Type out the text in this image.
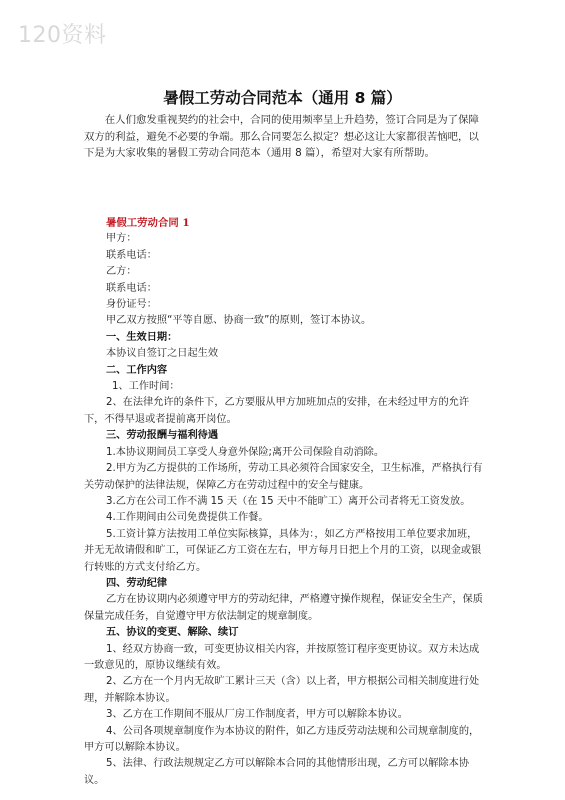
120资料
暑假工劳动合同范本（通用 8 篇）
在人们愈发重视契约的社会中，合同的使用频率呈上升趋势，签订合同是为了保障双方的利益，避免不必要的争端。那么合同要怎么拟定？想必这让大家都很苦恼吧，以下是为大家收集的暑假工劳动合同范本（通用 8 篇），希望对大家有所帮助。
暑假工劳动合同 1
甲方：
联系电话：
乙方：
联系电话：
身份证号：
甲乙双方按照“平等自愿、协商一致”的原则，签订本协议。
一、生效日期：
本协议自签订之日起生效
二、工作内容
1、工作时间：
2、在法律允许的条件下，乙方要服从甲方加班加点的安排，在未经过甲方的允许下，不得早退或者提前离开岗位。
三、劳动报酬与福利待遇
1.本协议期间员工享受人身意外保险;离开公司保险自动消除。
2.甲方为乙方提供的工作场所，劳动工具必须符合国家安全，卫生标准，严格执行有关劳动保护的法律法规，保障乙方在劳动过程中的安全与健康。
3.乙方在公司工作不满 15 天（在 15 天中不能旷工）离开公司者将无工资发放。
4.工作期间由公司免费提供工作餐。
5.工资计算方法按用工单位实际核算，具体为：，如乙方严格按用工单位要求加班，并无无故请假和旷工，可保证乙方工资在左右，甲方每月日把上个月的工资，以现金或银行转账的方式支付给乙方。
四、劳动纪律
乙方在协议期内必须遵守甲方的劳动纪律，严格遵守操作规程，保证安全生产，保质保量完成任务，自觉遵守甲方依法制定的规章制度。
五、协议的变更、解除、续订
1、经双方协商一致，可变更协议相关内容，并按原签订程序变更协议。双方未达成一致意见的，原协议继续有效。
2、乙方在一个月内无故旷工累计三天（含）以上者，甲方根据公司相关制度进行处理，并解除本协议。
3、乙方在工作期间不服从厂房工作制度者，甲方可以解除本协议。
4、公司各项规章制度作为本协议的附件，如乙方违反劳动法规和公司规章制度的，甲方可以解除本协议。
5、法律、行政法规规定乙方可以解除本合同的其他情形出现，乙方可以解除本协议。
